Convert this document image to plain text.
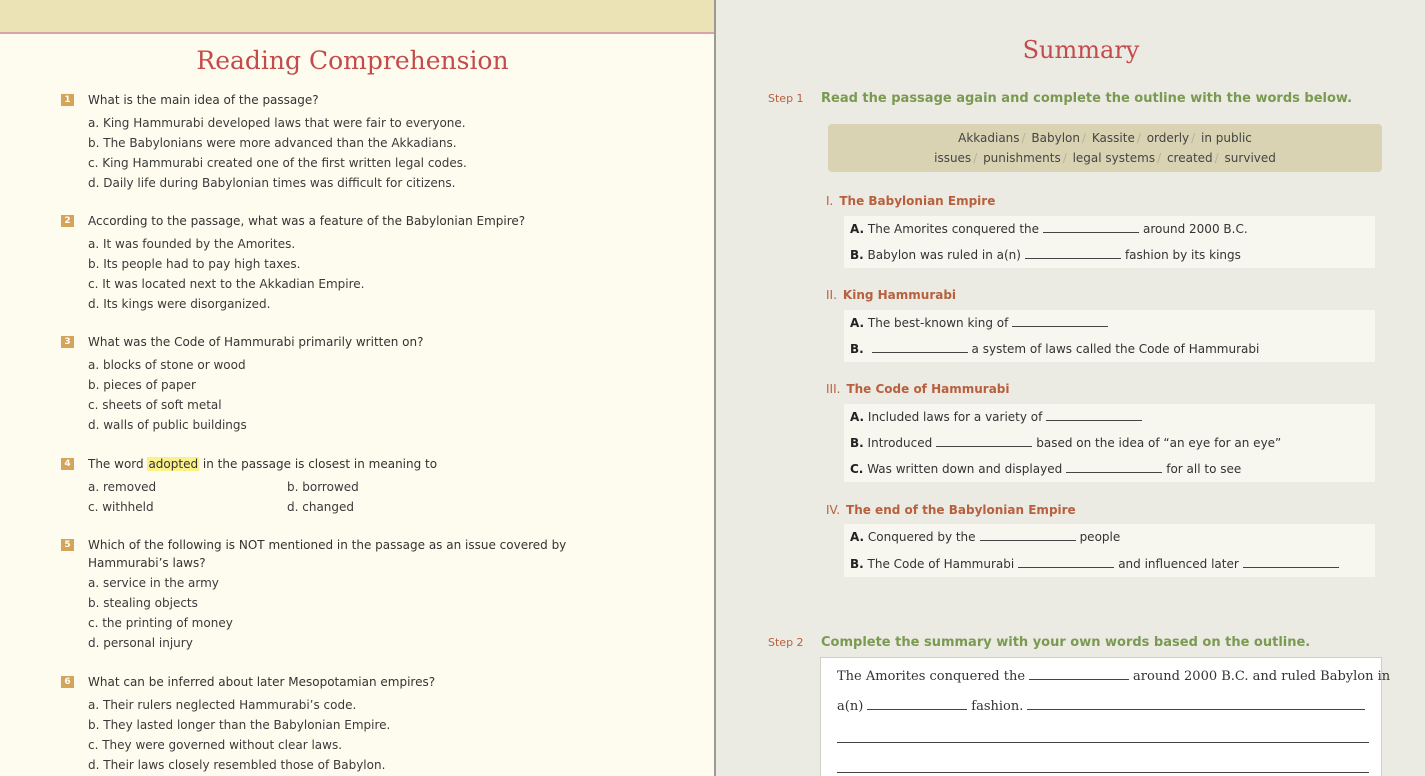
Reading Comprehension
1 What is the main idea of the passage?
a. King Hammurabi developed laws that were fair to everyone.
b. The Babylonians were more advanced than the Akkadians.
c. King Hammurabi created one of the first written legal codes.
d. Daily life during Babylonian times was difficult for citizens.
2 According to the passage, what was a feature of the Babylonian Empire?
a. It was founded by the Amorites.
b. Its people had to pay high taxes.
c. It was located next to the Akkadian Empire.
d. Its kings were disorganized.
3 What was the Code of Hammurabi primarily written on?
a. blocks of stone or wood
b. pieces of paper
c. sheets of soft metal
d. walls of public buildings
4 The word adopted in the passage is closest in meaning to
a. removed	b. borrowed
c. withheld	d. changed
5 Which of the following is NOT mentioned in the passage as an issue covered by
Hammurabi’s laws?
a. service in the army
b. stealing objects
c. the printing of money
d. personal injury
6 What can be inferred about later Mesopotamian empires?
a. Their rulers neglected Hammurabi’s code.
b. They lasted longer than the Babylonian Empire.
c. They were governed without clear laws.
d. Their laws closely resembled those of Babylon.
Summary
Step 1 Read the passage again and complete the outline with the words below.
Akkadians / Babylon / Kassite / orderly / in public
issues / punishments / legal systems / created / survived
I. The Babylonian Empire
A. The Amorites conquered the	around 2000 B.C.
B. Babylon was ruled in a(n)	fashion by its kings
II. King Hammurabi
A. The best-known king of
B.	a system of laws called the Code of Hammurabi
III. The Code of Hammurabi
A. Included laws for a variety of
B. Introduced	based on the idea of “an eye for an eye”
C. Was written down and displayed	for all to see
IV. The end of the Babylonian Empire
A. Conquered by the	people
B. The Code of Hammurabi	and influenced later
Step 2 Complete the summary with your own words based on the outline.
The Amorites conquered the	around 2000 B.C. and ruled Babylon in
a(n)	fashion.
